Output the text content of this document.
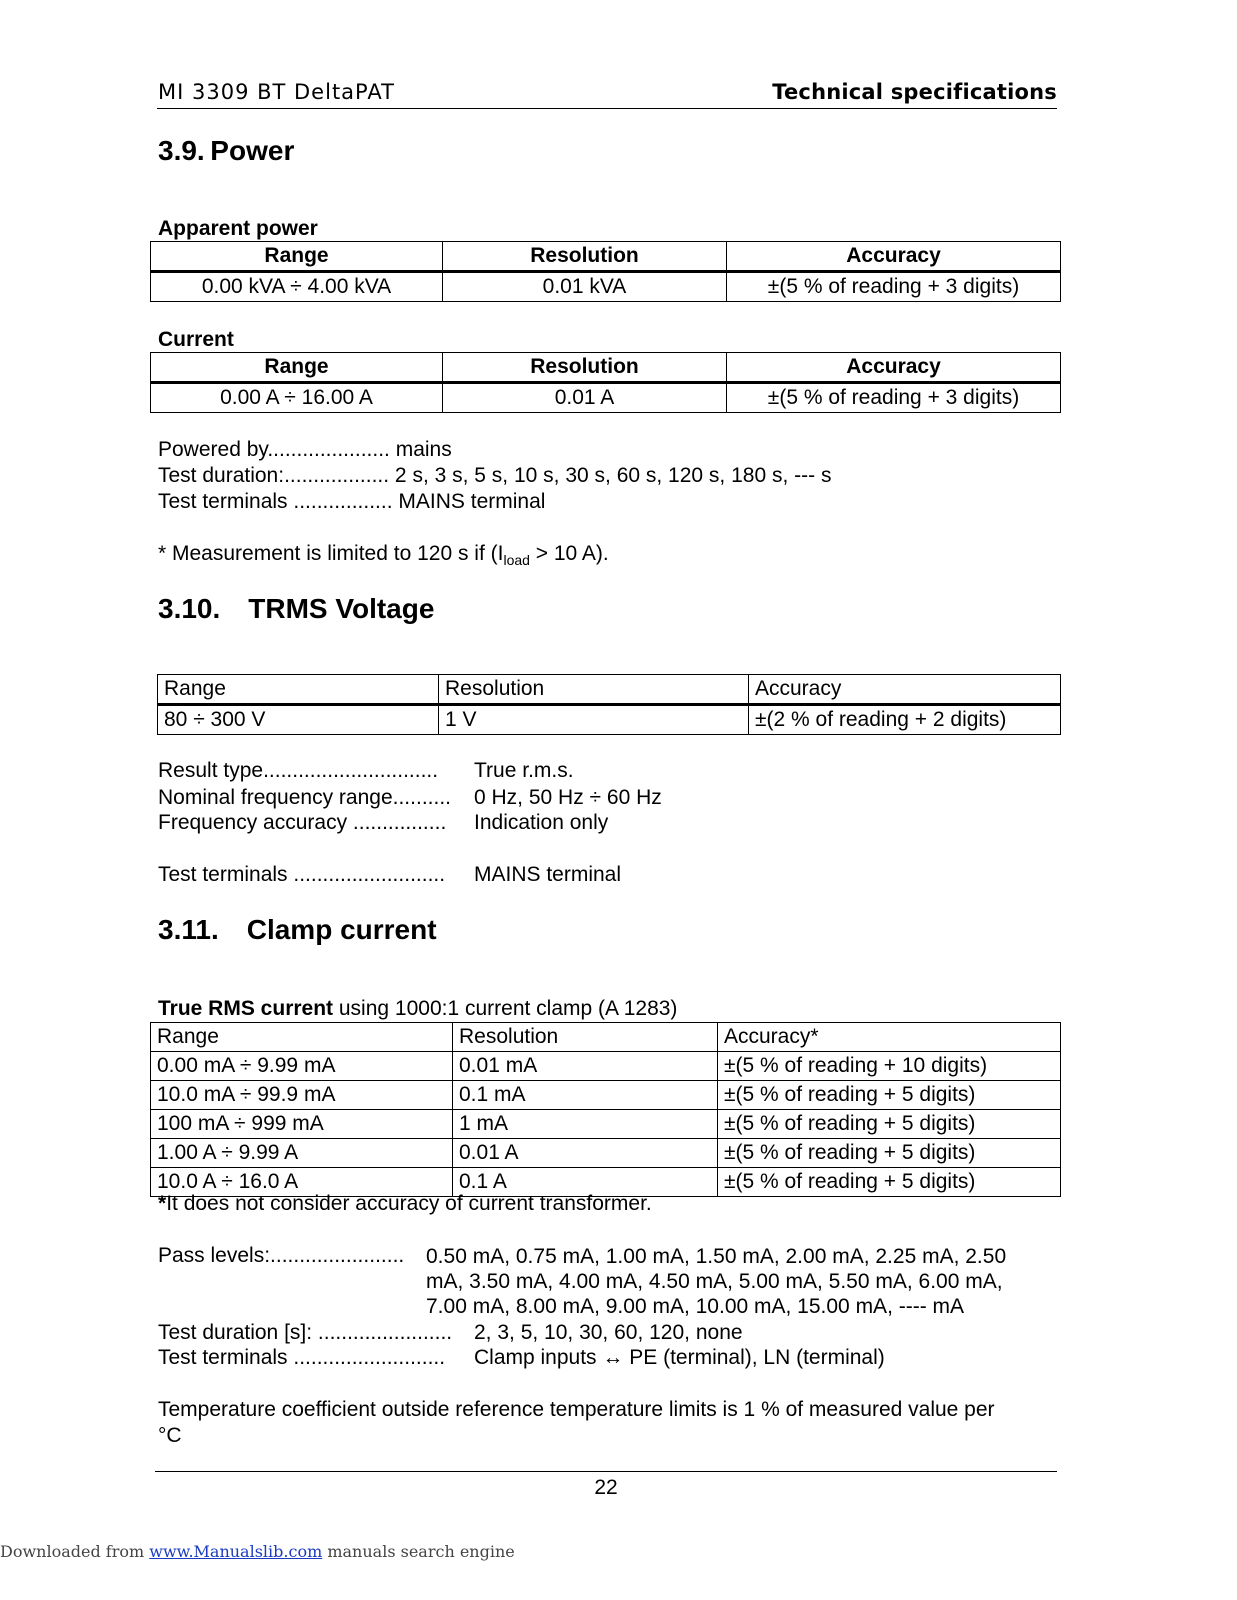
MI 3309 BT DeltaPAT	Technical specifications
3.9. Power
Apparent power
Range	Resolution	Accuracy
0.00 kVA ÷ 4.00 kVA	0.01 kVA	±(5 % of reading + 3 digits)
Current
Range	Resolution	Accuracy
0.00 A ÷ 16.00 A	0.01 A	±(5 % of reading + 3 digits)
Powered by..................... mains
Test duration:.................. 2 s, 3 s, 5 s, 10 s, 30 s, 60 s, 120 s, 180 s, --- s
Test terminals ................. MAINS terminal
* Measurement is limited to 120 s if ($I_{load} > 10$ A).
3.10. TRMS Voltage
Range	Resolution	Accuracy
80 ÷ 300 V	1 V	±(2 % of reading + 2 digits)
Result type.............................. True r.m.s.
Nominal frequency range.......... 0 Hz, 50 Hz ÷ 60 Hz
Frequency accuracy ................ Indication only
Test terminals .......................... MAINS terminal
3.11. Clamp current
True RMS current using 1000:1 current clamp (A 1283)
Range	Resolution	Accuracy*
0.00 mA ÷ 9.99 mA	0.01 mA	±(5 % of reading + 10 digits)
10.0 mA ÷ 99.9 mA	0.1 mA	±(5 % of reading + 5 digits)
100 mA ÷ 999 mA	1 mA	±(5 % of reading + 5 digits)
1.00 A ÷ 9.99 A	0.01 A	±(5 % of reading + 5 digits)
10.0 A ÷ 16.0 A	0.1 A	±(5 % of reading + 5 digits)
*It does not consider accuracy of current transformer.
Pass levels:....................... 0.50 mA, 0.75 mA, 1.00 mA, 1.50 mA, 2.00 mA, 2.25 mA, 2.50
mA, 3.50 mA, 4.00 mA, 4.50 mA, 5.00 mA, 5.50 mA, 6.00 mA,
7.00 mA, 8.00 mA, 9.00 mA, 10.00 mA, 15.00 mA, ---- mA
Test duration [s]: ....................... 2, 3, 5, 10, 30, 60, 120, none
Test terminals .......................... Clamp inputs ↔ PE (terminal), LN (terminal)
Temperature coefficient outside reference temperature limits is 1 % of measured value per
°C
22
Downloaded from www.Manualslib.com manuals search engine
